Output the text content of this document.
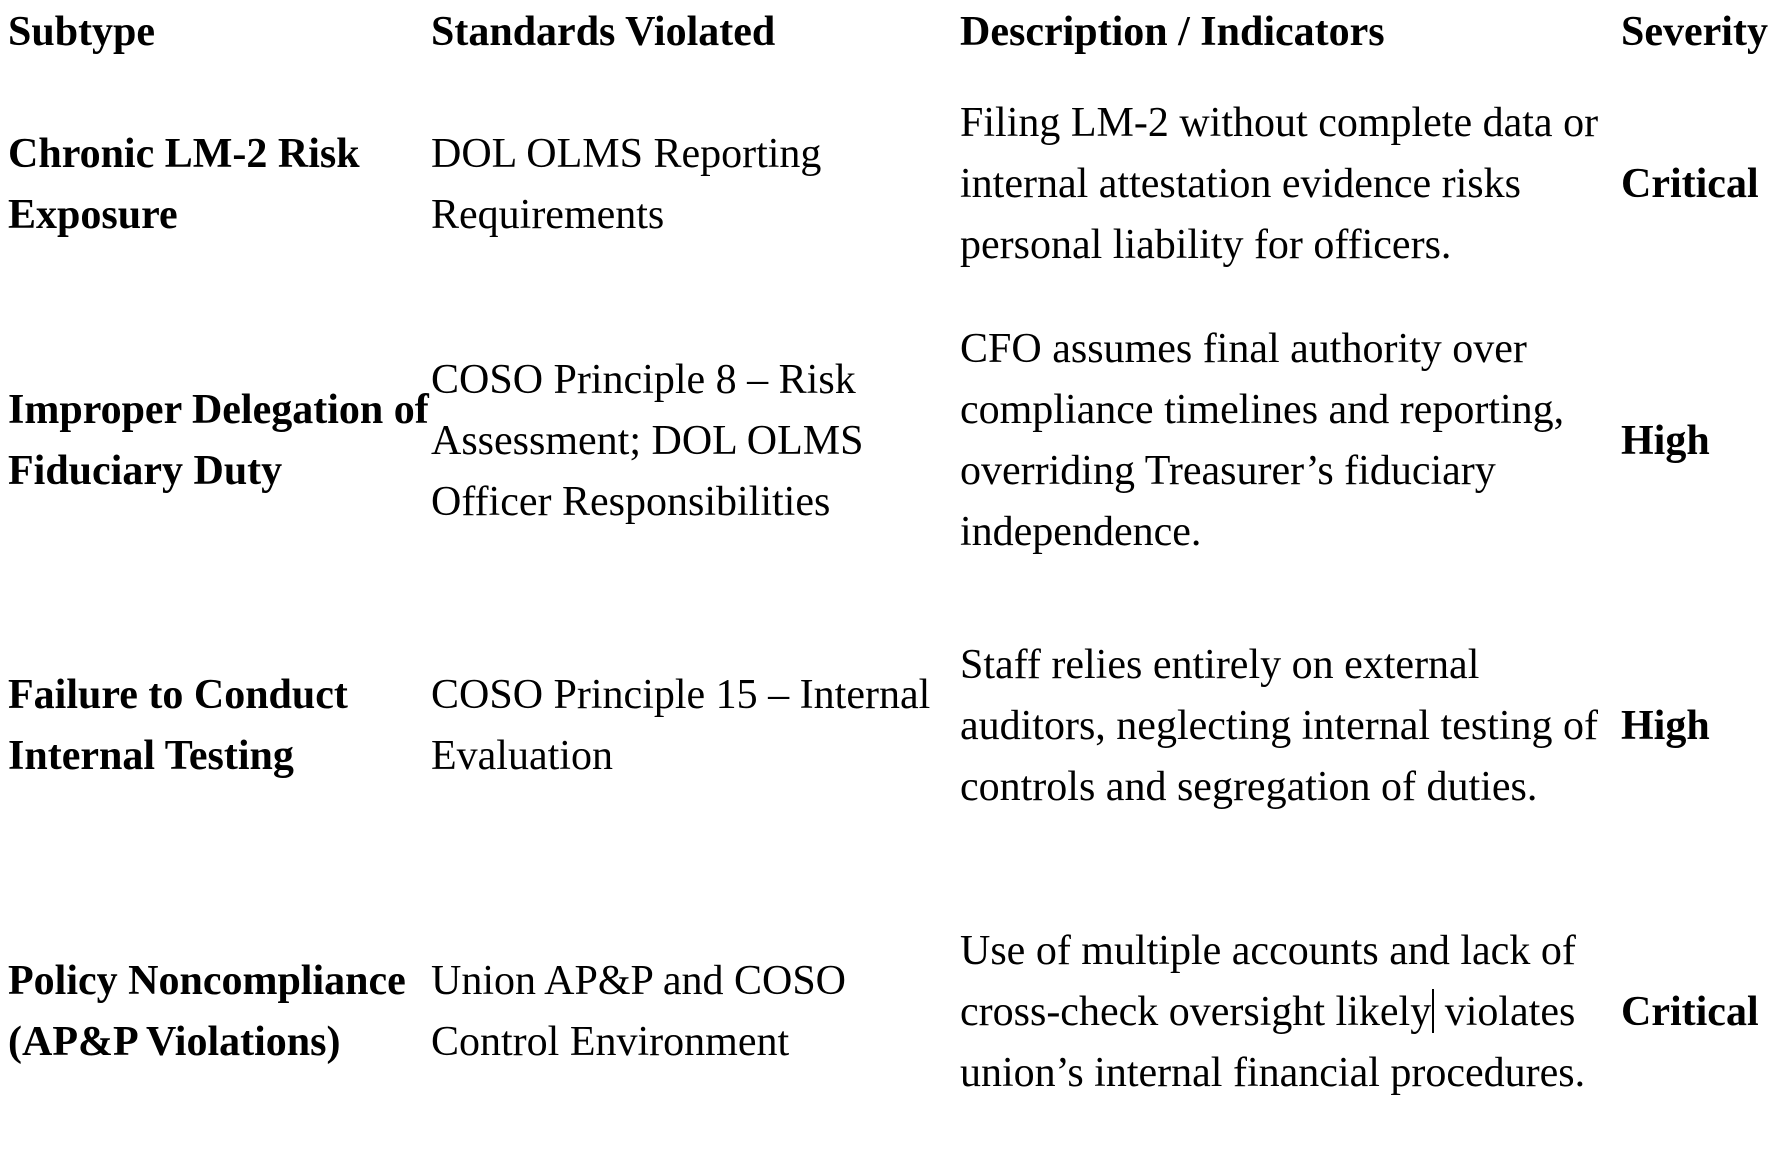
Subtype	Standards Violated	Description / Indicators	Severity
Chronic LM-2 Risk Exposure	DOL OLMS Reporting Requirements	Filing LM-2 without complete data or internal attestation evidence risks personal liability for officers.	Critical
Improper Delegation of Fiduciary Duty	COSO Principle 8 – Risk Assessment; DOL OLMS Officer Responsibilities	CFO assumes final authority over compliance timelines and reporting, overriding Treasurer’s fiduciary independence.	High
Failure to Conduct Internal Testing	COSO Principle 15 – Internal Evaluation	Staff relies entirely on external auditors, neglecting internal testing of controls and segregation of duties.	High
Policy Noncompliance (AP&P Violations)	Union AP&P and COSO Control Environment	Use of multiple accounts and lack of cross-check oversight likely violates union’s internal financial procedures.	Critical
